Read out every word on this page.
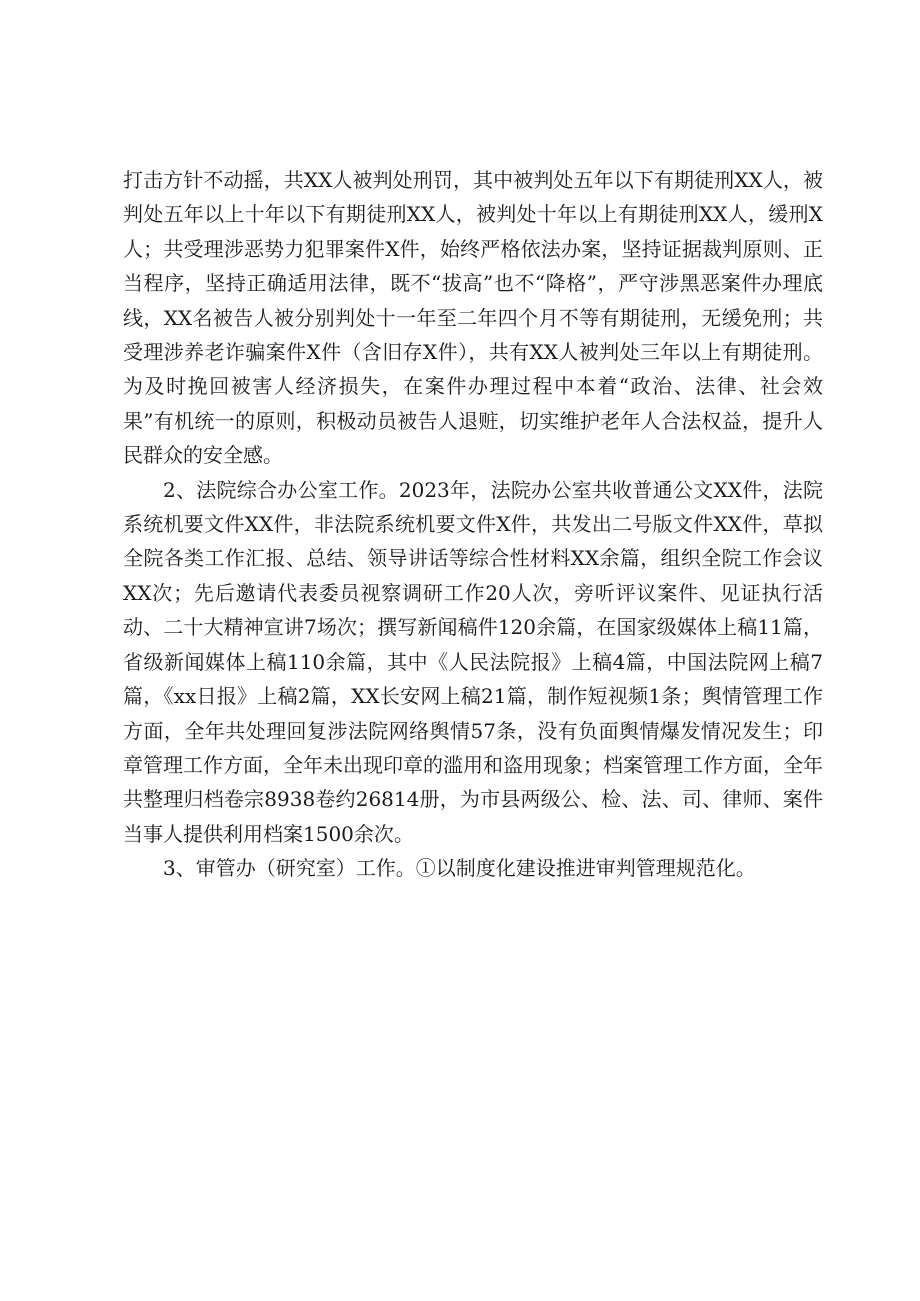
打击方针不动摇，共XX人被判处刑罚，其中被判处五年以下有期徒刑XX人，被判处五年以上十年以下有期徒刑XX人，被判处十年以上有期徒刑XX人，缓刑X人；共受理涉恶势力犯罪案件X件，始终严格依法办案，坚持证据裁判原则、正当程序，坚持正确适用法律，既不“拔高”也不“降格”，严守涉黑恶案件办理底线，XX名被告人被分别判处十一年至二年四个月不等有期徒刑，无缓免刑；共受理涉养老诈骗案件X件（含旧存X件），共有XX人被判处三年以上有期徒刑。为及时挽回被害人经济损失，在案件办理过程中本着“政治、法律、社会效果”有机统一的原则，积极动员被告人退赃，切实维护老年人合法权益，提升人民群众的安全感。

2、法院综合办公室工作。2023年，法院办公室共收普通公文XX件，法院系统机要文件XX件，非法院系统机要文件X件，共发出二号版文件XX件，草拟全院各类工作汇报、总结、领导讲话等综合性材料XX余篇，组织全院工作会议XX次；先后邀请代表委员视察调研工作20人次，旁听评议案件、见证执行活动、二十大精神宣讲7场次；撰写新闻稿件120余篇，在国家级媒体上稿11篇，省级新闻媒体上稿110余篇，其中《人民法院报》上稿4篇，中国法院网上稿7篇，《xx日报》上稿2篇，XX长安网上稿21篇，制作短视频1条；舆情管理工作方面，全年共处理回复涉法院网络舆情57条，没有负面舆情爆发情况发生；印章管理工作方面，全年未出现印章的滥用和盗用现象；档案管理工作方面，全年共整理归档卷宗8938卷约26814册，为市县两级公、检、法、司、律师、案件当事人提供利用档案1500余次。

3、审管办（研究室）工作。①以制度化建设推进审判管理规范化。
